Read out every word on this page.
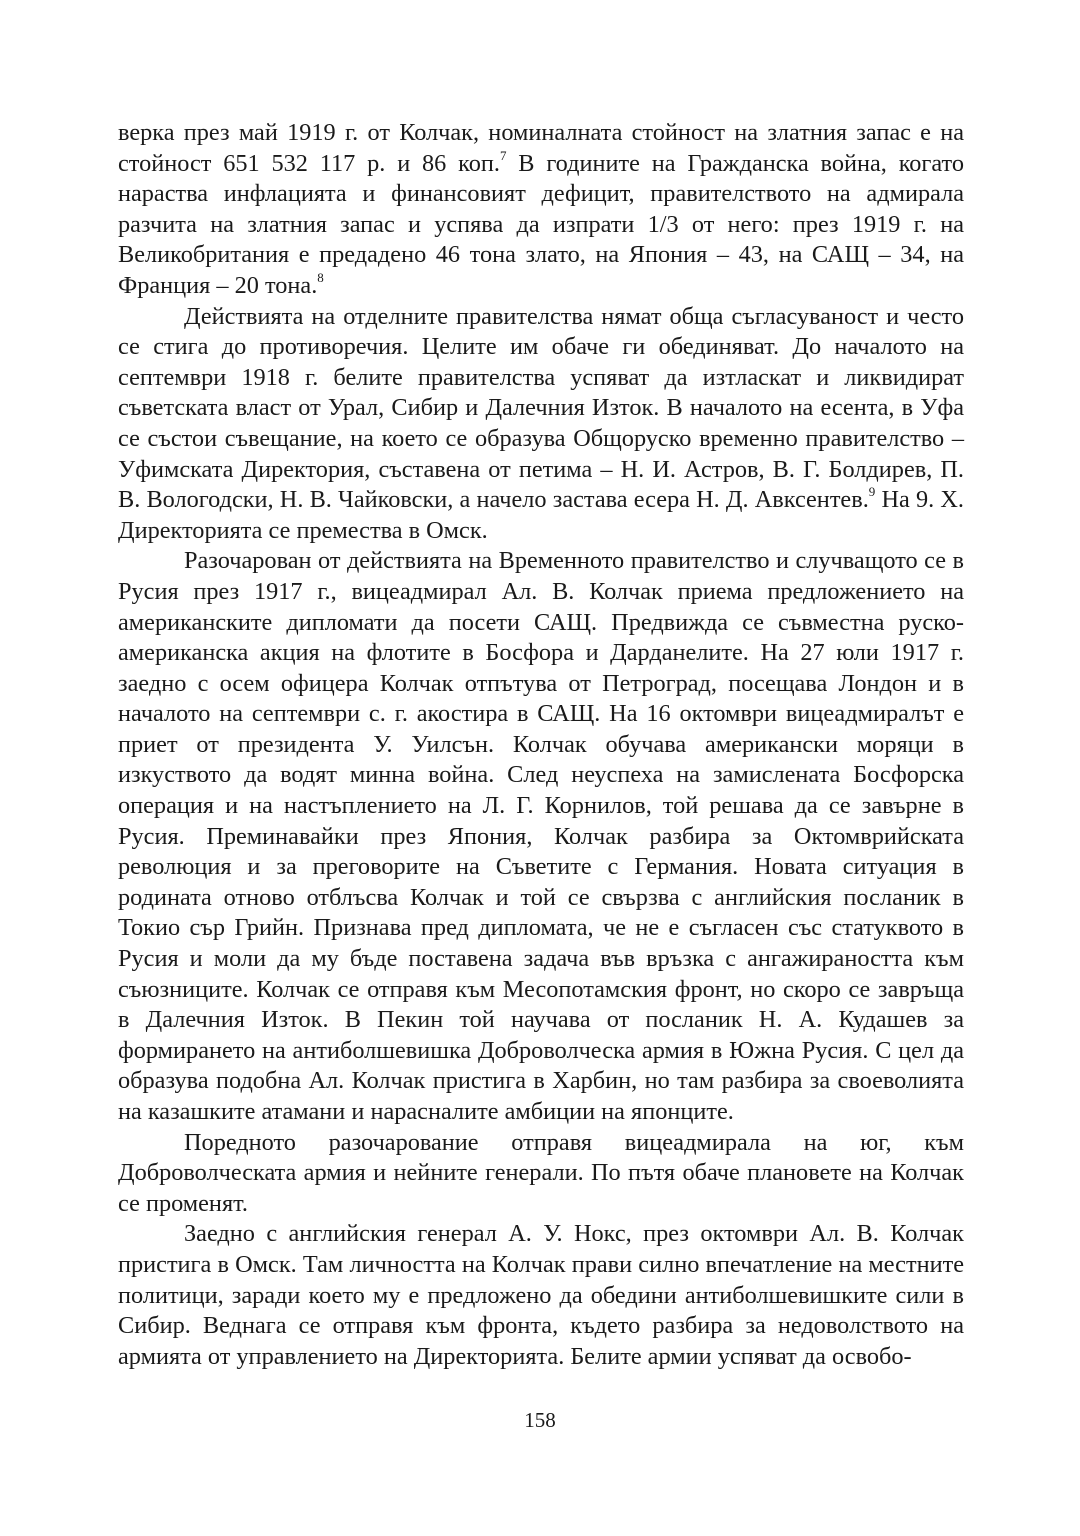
верка през май 1919 г. от Колчак, номиналната стойност на златния запас е на стойност 651 532 117 р. и 86 коп.$^7$ В годините на Гражданска война, когато нараства инфлацията и финансовият дефицит, правителството на адмирала разчита на златния запас и успява да изпрати 1/3 от него: през 1919 г. на Великобритания е предадено 46 тона злато, на Япония – 43, на САЩ – 34, на Франция – 20 тона.$^8$

Действията на отделните правителства нямат обща съгласуваност и често се стига до противоречия. Целите им обаче ги обединяват. До началото на септември 1918 г. белите правителства успяват да изтласкат и ликвидират съветската власт от Урал, Сибир и Далечния Изток. В началото на есента, в Уфа се състои съвещание, на което се образува Общоруско временно правителство – Уфимската Директория, съставена от петима – Н. И. Астров, В. Г. Болдирев, П. В. Вологодски, Н. В. Чайковски, а начело застава есера Н. Д. Авксентев.$^9$ На 9. X. Директорията се премества в Омск.

Разочарован от действията на Временното правителство и случващото се в Русия през 1917 г., вицеадмирал Ал. В. Колчак приема предложението на американските дипломати да посети САЩ. Предвижда се съвместна руско-американска акция на флотите в Босфора и Дарданелите. На 27 юли 1917 г. заедно с осем офицера Колчак отпътува от Петроград, посещава Лондон и в началото на септември с. г. акостира в САЩ. На 16 октомври вицеадмиралът е приет от президента У. Уилсън. Колчак обучава американски моряци в изкуството да водят минна война. След неуспеха на замислената Босфорска операция и на настъплението на Л. Г. Корнилов, той решава да се завърне в Русия. Преминавайки през Япония, Колчак разбира за Октомврийската революция и за преговорите на Съветите с Германия. Новата ситуация в родината отново отблъсва Колчак и той се свързва с английския посланик в Токио сър Грийн. Признава пред дипломата, че не е съгласен със статуквото в Русия и моли да му бъде поставена задача във връзка с ангажираността към съюзниците. Колчак се отправя към Месопотамския фронт, но скоро се завръща в Далечния Изток. В Пекин той научава от посланик Н. А. Кудашев за формирането на антиболшевишка Доброволческа армия в Южна Русия. С цел да образува подобна Ал. Колчак пристига в Харбин, но там разбира за своеволията на казашките атамани и нарасналите амбиции на японците.

Поредното разочарование отправя вицеадмирала на юг, към Доброволческата армия и нейните генерали. По пътя обаче плановете на Колчак се променят.

Заедно с английския генерал А. У. Нокс, през октомври Ал. В. Колчак пристига в Омск. Там личността на Колчак прави силно впечатление на местните политици, заради което му е предложено да обедини антиболшевишките сили в Сибир. Веднага се отправя към фронта, където разбира за недоволството на армията от управлението на Директорията. Белите армии успяват да освобо-

158
